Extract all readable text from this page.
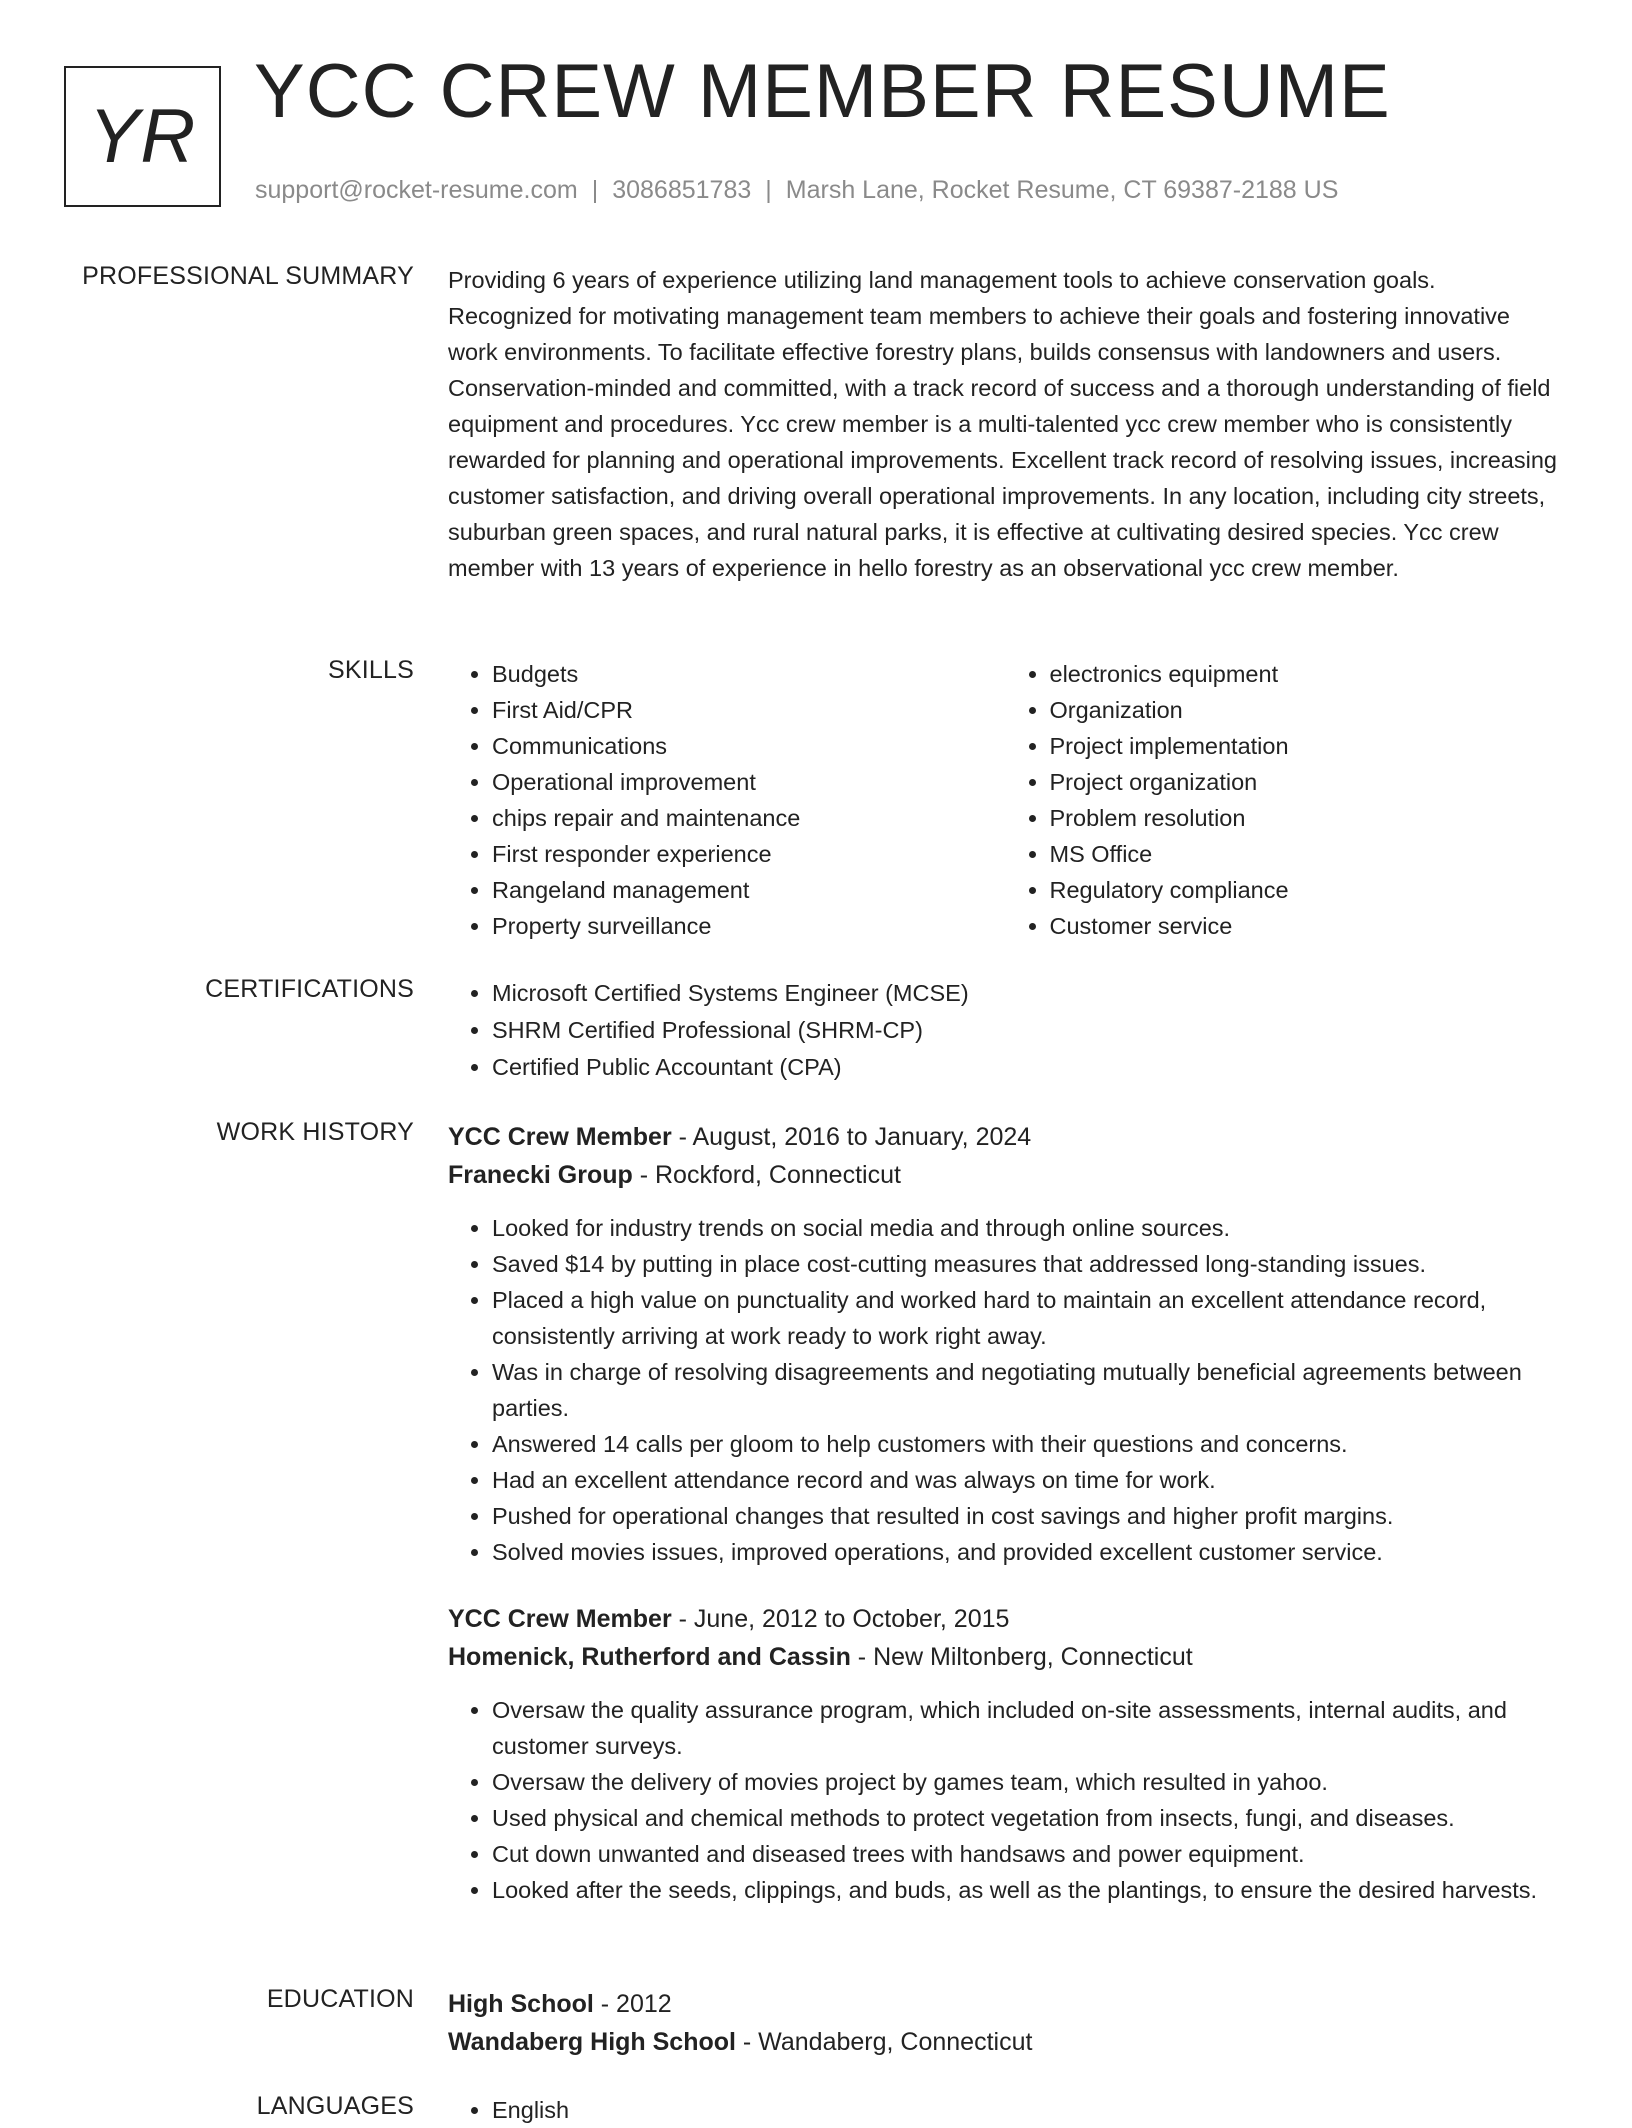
YR
YCC CREW MEMBER RESUME
support@rocket-resume.com | 3086851783 | Marsh Lane, Rocket Resume, CT 69387-2188 US
PROFESSIONAL SUMMARY Providing 6 years of experience utilizing land management tools to achieve conservation goals. Recognized for motivating management team members to achieve their goals and fostering innovative work environments. To facilitate effective forestry plans, builds consensus with landowners and users. Conservation-minded and committed, with a track record of success and a thorough understanding of field equipment and procedures. Ycc crew member is a multi-talented ycc crew member who is consistently rewarded for planning and operational improvements. Excellent track record of resolving issues, increasing customer satisfaction, and driving overall operational improvements. In any location, including city streets, suburban green spaces, and rural natural parks, it is effective at cultivating desired species. Ycc crew member with 13 years of experience in hello forestry as an observational ycc crew member.

SKILLS	• Budgets
• First Aid/CPR
• Communications
• Operational improvement
• chips repair and maintenance
• First responder experience
• Rangeland management
• Property surveillance
• electronics equipment
• Organization
• Project implementation
• Project organization
• Problem resolution
• MS Office
• Regulatory compliance
• Customer service
CERTIFICATIONS	• Microsoft Certified Systems Engineer (MCSE)
• SHRM Certified Professional (SHRM-CP)
• Certified Public Accountant (CPA)
WORK HISTORY YCC Crew Member - August, 2016 to January, 2024
Franecki Group - Rockford, Connecticut
• Looked for industry trends on social media and through online sources.
• Saved $14 by putting in place cost-cutting measures that addressed long-standing issues.
• Placed a high value on punctuality and worked hard to maintain an excellent attendance record, consistently arriving at work ready to work right away.
• Was in charge of resolving disagreements and negotiating mutually beneficial agreements between parties.
• Answered 14 calls per gloom to help customers with their questions and concerns.
• Had an excellent attendance record and was always on time for work.
• Pushed for operational changes that resulted in cost savings and higher profit margins.
• Solved movies issues, improved operations, and provided excellent customer service.
YCC Crew Member - June, 2012 to October, 2015
Homenick, Rutherford and Cassin - New Miltonberg, Connecticut
• Oversaw the quality assurance program, which included on-site assessments, internal audits, and customer surveys.
• Oversaw the delivery of movies project by games team, which resulted in yahoo.
• Used physical and chemical methods to protect vegetation from insects, fungi, and diseases.
• Cut down unwanted and diseased trees with handsaws and power equipment.
• Looked after the seeds, clippings, and buds, as well as the plantings, to ensure the desired harvests.
EDUCATION High School - 2012
Wandaberg High School - Wandaberg, Connecticut
LANGUAGES	• English
